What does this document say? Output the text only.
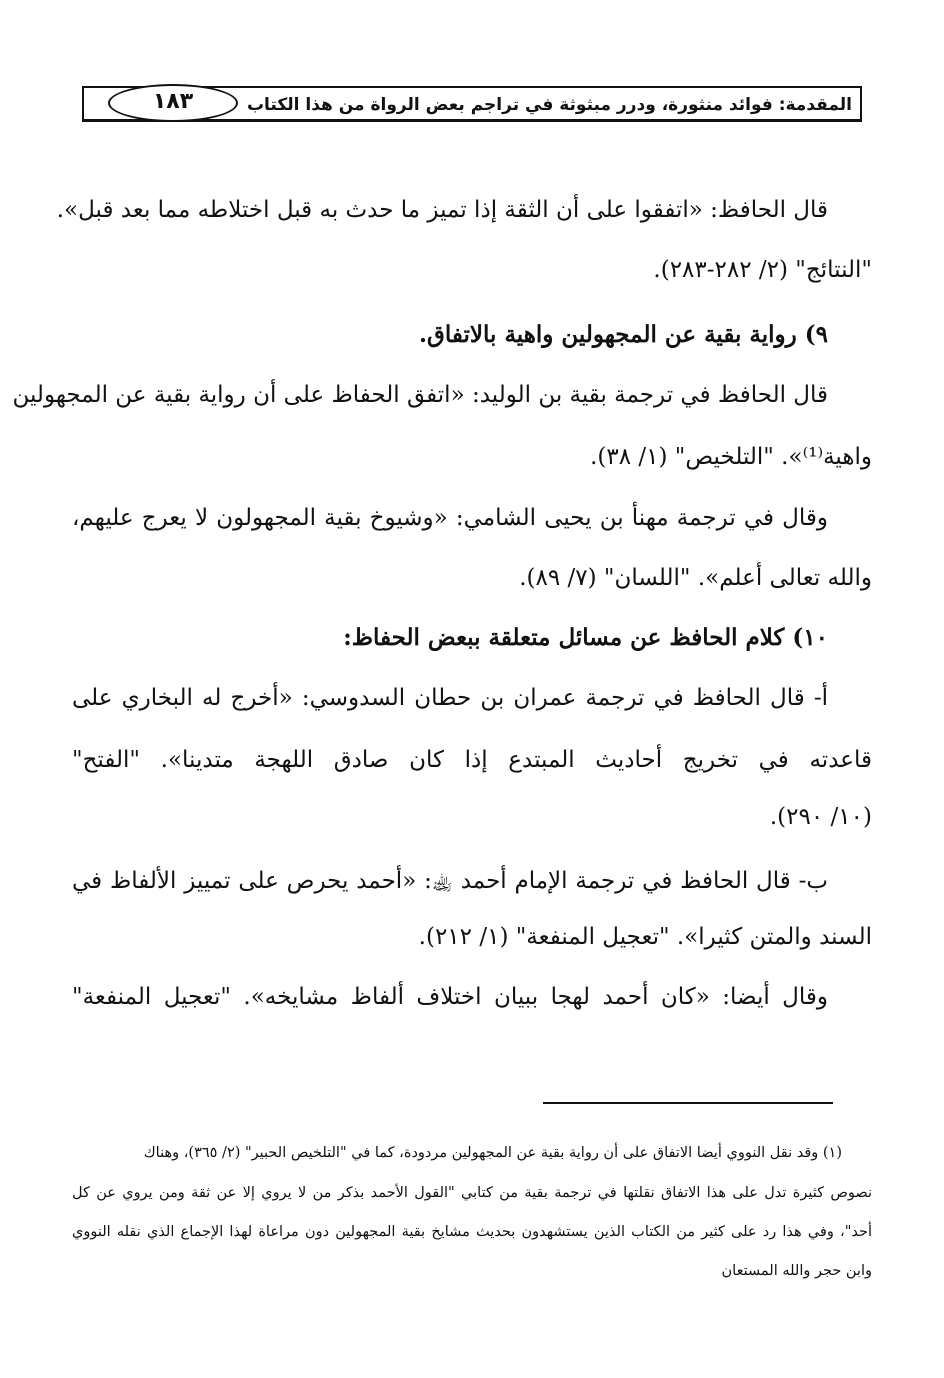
المقدمة: فوائد منثورة، ودرر مبثوثة في تراجم بعض الرواة من هذا الكتاب
١٨٣
قال الحافظ: «اتفقوا على أن الثقة إذا تميز ما حدث به قبل اختلاطه مما بعد قبل».
"النتائج" (٢/ ٢٨٢-٢٨٣).
٩) رواية بقية عن المجهولين واهية بالاتفاق.
قال الحافظ في ترجمة بقية بن الوليد: «اتفق الحفاظ على أن رواية بقية عن المجهولين
واهية⁽¹⁾». "التلخيص" (١/ ٣٨).
وقال في ترجمة مهنأ بن يحيى الشامي: «وشيوخ بقية المجهولون لا يعرج عليهم،
والله تعالى أعلم». "اللسان" (٧/ ٨٩).
١٠) كلام الحافظ عن مسائل متعلقة ببعض الحفاظ:
أ- قال الحافظ في ترجمة عمران بن حطان السدوسي: «أخرج له البخاري على
قاعدته في تخريج أحاديث المبتدع إذا كان صادق اللهجة متدينا». "الفتح"
(١٠/ ٢٩٠).
ب- قال الحافظ في ترجمة الإمام أحمد ﵀: «أحمد يحرص على تمييز الألفاظ في
السند والمتن كثيرا». "تعجيل المنفعة" (١/ ٢١٢).
وقال أيضا: «كان أحمد لهجا ببيان اختلاف ألفاظ مشايخه». "تعجيل المنفعة"
(١) وقد نقل النووي أيضا الاتفاق على أن رواية بقية عن المجهولين مردودة، كما في "التلخيص الحبير" (٢/ ٣٦٥)، وهناك
نصوص كثيرة تدل على هذا الاتفاق نقلتها في ترجمة بقية من كتابي "القول الأحمد بذكر من لا يروي إلا عن ثقة ومن يروي عن كل
أحد"، وفي هذا رد على كثير من الكتاب الذين يستشهدون بحديث مشايخ بقية المجهولين دون مراعاة لهذا الإجماع الذي نقله النووي
وابن حجر والله المستعان
